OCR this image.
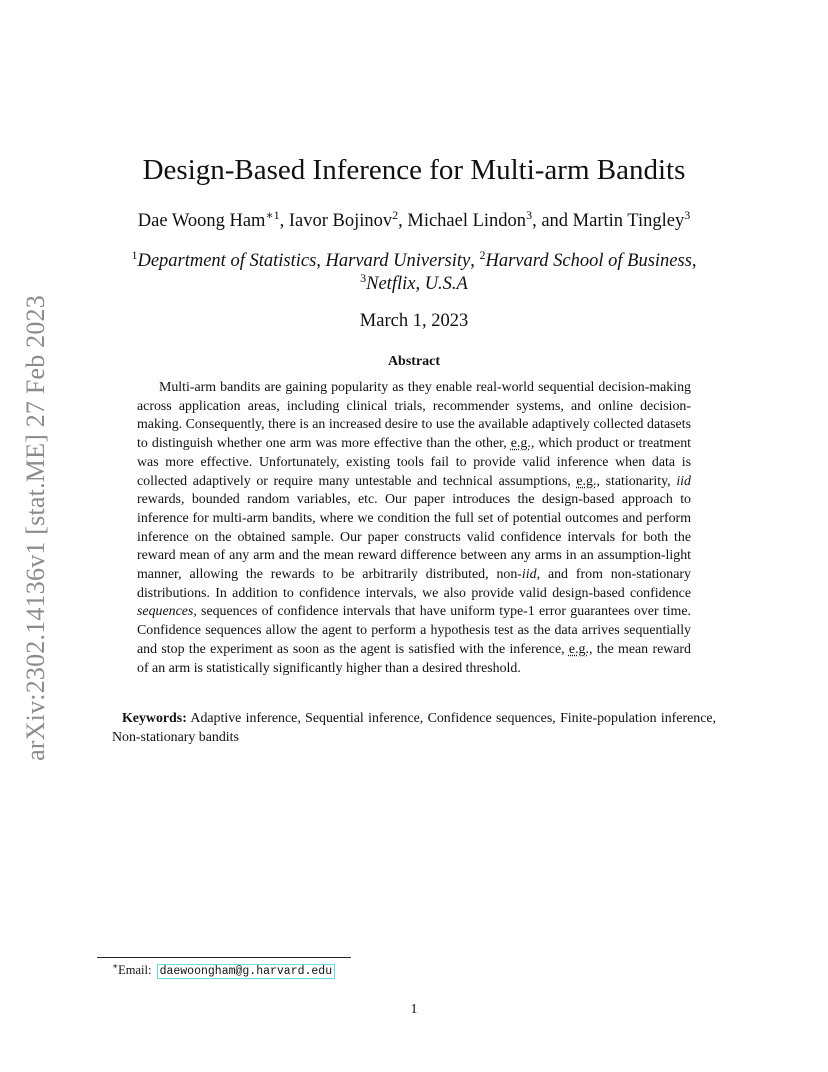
arXiv:2302.14136v1 [stat.ME] 27 Feb 2023
Design-Based Inference for Multi-arm Bandits
Dae Woong Ham$^{∗1}$, Iavor Bojinov$^2$, Michael Lindon$^3$, and Martin Tingley$^3$
$^1$Department of Statistics, Harvard University, $^2$Harvard School of Business,
$^3$Netflix, U.S.A
March 1, 2023
Abstract
Multi-arm bandits are gaining popularity as they enable real-world sequential decision-making across application areas, including clinical trials, recommender systems, and online decision-making. Consequently, there is an increased desire to use the available adaptively collected datasets to distinguish whether one arm was more effective than the other, e.g., which product or treatment was more effective. Unfortunately, existing tools fail to provide valid inference when data is collected adaptively or require many untestable and technical assumptions, e.g., stationarity, iid rewards, bounded random variables, etc. Our paper introduces the design-based approach to inference for multi-arm bandits, where we condition the full set of potential outcomes and perform inference on the obtained sample. Our paper constructs valid confidence intervals for both the reward mean of any arm and the mean reward difference between any arms in an assumption-light manner, allowing the rewards to be arbitrarily distributed, non-iid, and from non-stationary distributions. In addition to confidence intervals, we also provide valid design-based confidence sequences, sequences of confidence intervals that have uniform type-1 error guarantees over time. Confidence sequences allow the agent to perform a hypothesis test as the data arrives sequentially and stop the experiment as soon as the agent is satisfied with the inference, e.g., the mean reward of an arm is statistically significantly higher than a desired threshold.
Keywords: Adaptive inference, Sequential inference, Confidence sequences, Finite-population inference, Non-stationary bandits
∗Email: daewoongham@g.harvard.edu
1
